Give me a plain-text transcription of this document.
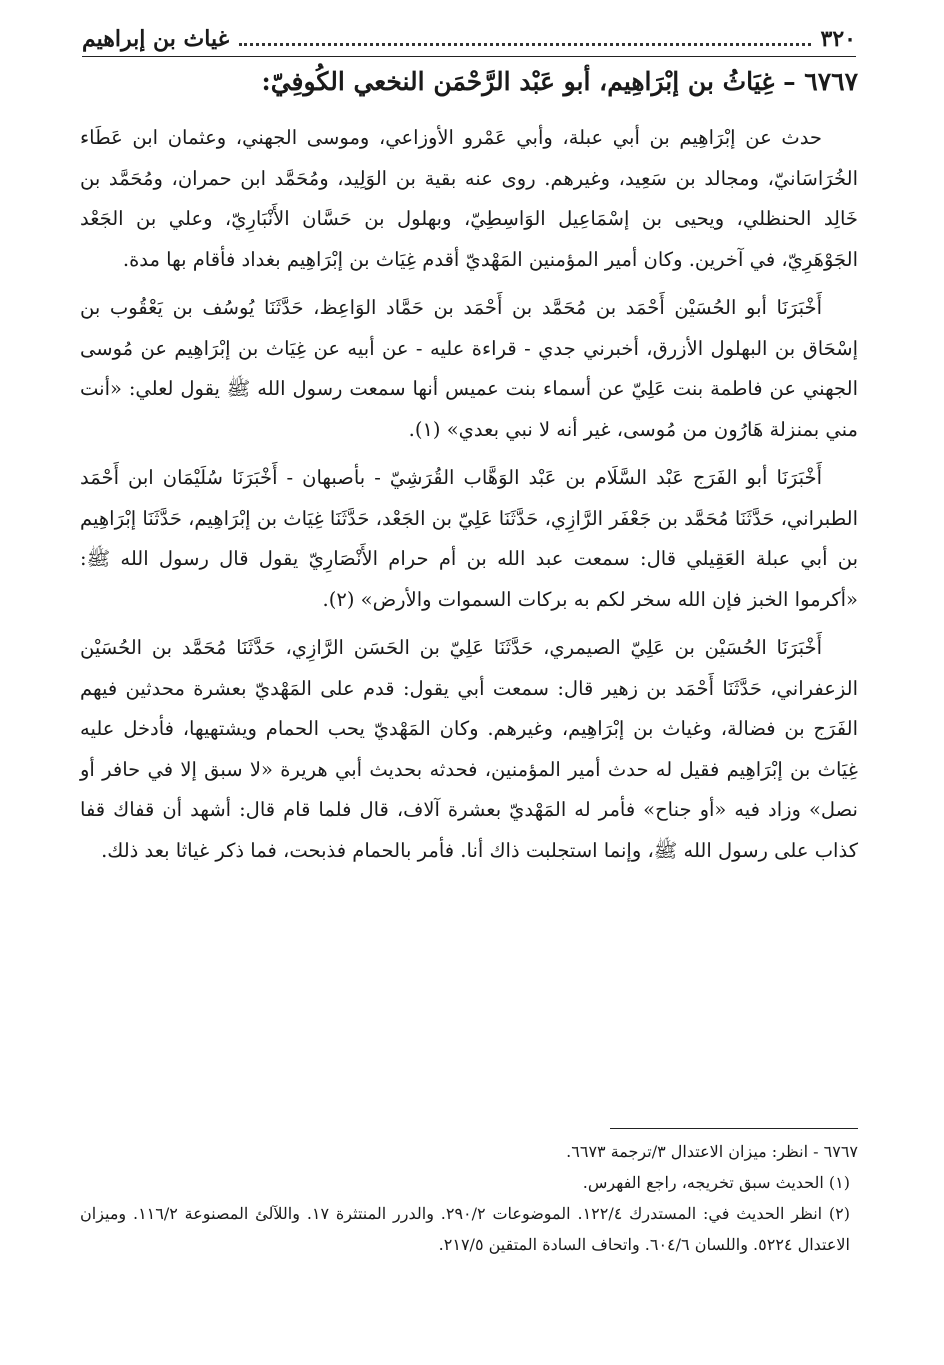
٣٢٠
غياث بن إبراهيم
٦٧٦٧ – غِيَاثُ بن إبْرَاهِيم، أبو عَبْد الرَّحْمَن النخعي الكُوفِيّ:

حدث عن إبْرَاهِيم بن أبي عبلة، وأبي عَمْرو الأوزاعي، وموسى الجهني، وعثمان ابن عَطَاء الخُرَاسَانيّ، ومجالد بن سَعِيد، وغيرهم. روى عنه بقية بن الوَلِيد، ومُحَمَّد ابن حمران، ومُحَمَّد بن خَالِد الحنظلي، ويحيى بن إسْمَاعِيل الوَاسِطِيّ، وبهلول بن حَسَّان الأَنْبَارِيّ، وعلي بن الجَعْد الجَوْهَرِيّ، في آخرين. وكان أمير المؤمنين المَهْديّ أقدم غِيَاث بن إبْرَاهِيم بغداد فأقام بها مدة.

أَخْبَرَنَا أبو الحُسَيْن أَحْمَد بن مُحَمَّد بن أَحْمَد بن حَمَّاد الوَاعِظ، حَدَّثَنَا يُوسُف بن يَعْقُوب بن إسْحَاق بن البهلول الأزرق، أخبرني جدي - قراءة عليه - عن أبيه عن غِيَاث بن إبْرَاهِيم عن مُوسى الجهني عن فاطمة بنت عَلِيّ عن أسماء بنت عميس أنها سمعت رسول الله ﷺ يقول لعلي: «أنت مني بمنزلة هَارُون من مُوسى، غير أنه لا نبي بعدي» (١).

أَخْبَرَنَا أبو الفَرَج عَبْد السَّلَام بن عَبْد الوَهَّاب القُرَشِيّ - بأصبهان - أَخْبَرَنَا سُلَيْمَان ابن أَحْمَد الطبراني، حَدَّثَنَا مُحَمَّد بن جَعْفَر الرَّازِي، حَدَّثَنَا عَلِيّ بن الجَعْد، حَدَّثَنَا غِيَاث بن إبْرَاهِيم، حَدَّثَنَا إبْرَاهِيم بن أبي عبلة العَقِيلي قال: سمعت عبد الله بن أم حرام الأَنْصَارِيّ يقول قال رسول الله ﷺ: «أكرموا الخبز فإن الله سخر لكم به بركات السموات والأرض» (٢).

أَخْبَرَنَا الحُسَيْن بن عَلِيّ الصيمري، حَدَّثَنَا عَلِيّ بن الحَسَن الرَّازِي، حَدَّثَنَا مُحَمَّد بن الحُسَيْن الزعفراني، حَدَّثَنَا أَحْمَد بن زهير قال: سمعت أبي يقول: قدم على المَهْديّ بعشرة محدثين فيهم الفَرَج بن فضالة، وغياث بن إبْرَاهِيم، وغيرهم. وكان المَهْديّ يحب الحمام ويشتهيها، فأدخل عليه غِيَاث بن إبْرَاهِيم فقيل له حدث أمير المؤمنين، فحدثه بحديث أبي هريرة «لا سبق إلا في حافر أو نصل» وزاد فيه «أو جناح» فأمر له المَهْديّ بعشرة آلاف، قال فلما قام قال: أشهد أن قفاك قفا كذاب على رسول الله ﷺ، وإنما استجلبت ذاك أنا. فأمر بالحمام فذبحت، فما ذكر غياثا بعد ذلك.

٦٧٦٧ - انظر: ميزان الاعتدال ٣/ترجمة ٦٦٧٣.
(١) الحديث سبق تخريجه، راجع الفهرس.
(٢) انظر الحديث في: المستدرك ١٢٢/٤. الموضوعات ٢٩٠/٢. والدرر المنتثرة ١٧. واللآلئ المصنوعة ١١٦/٢. وميزان الاعتدال ٥٢٢٤. واللسان ٦٠٤/٦. واتحاف السادة المتقين ٢١٧/٥.
